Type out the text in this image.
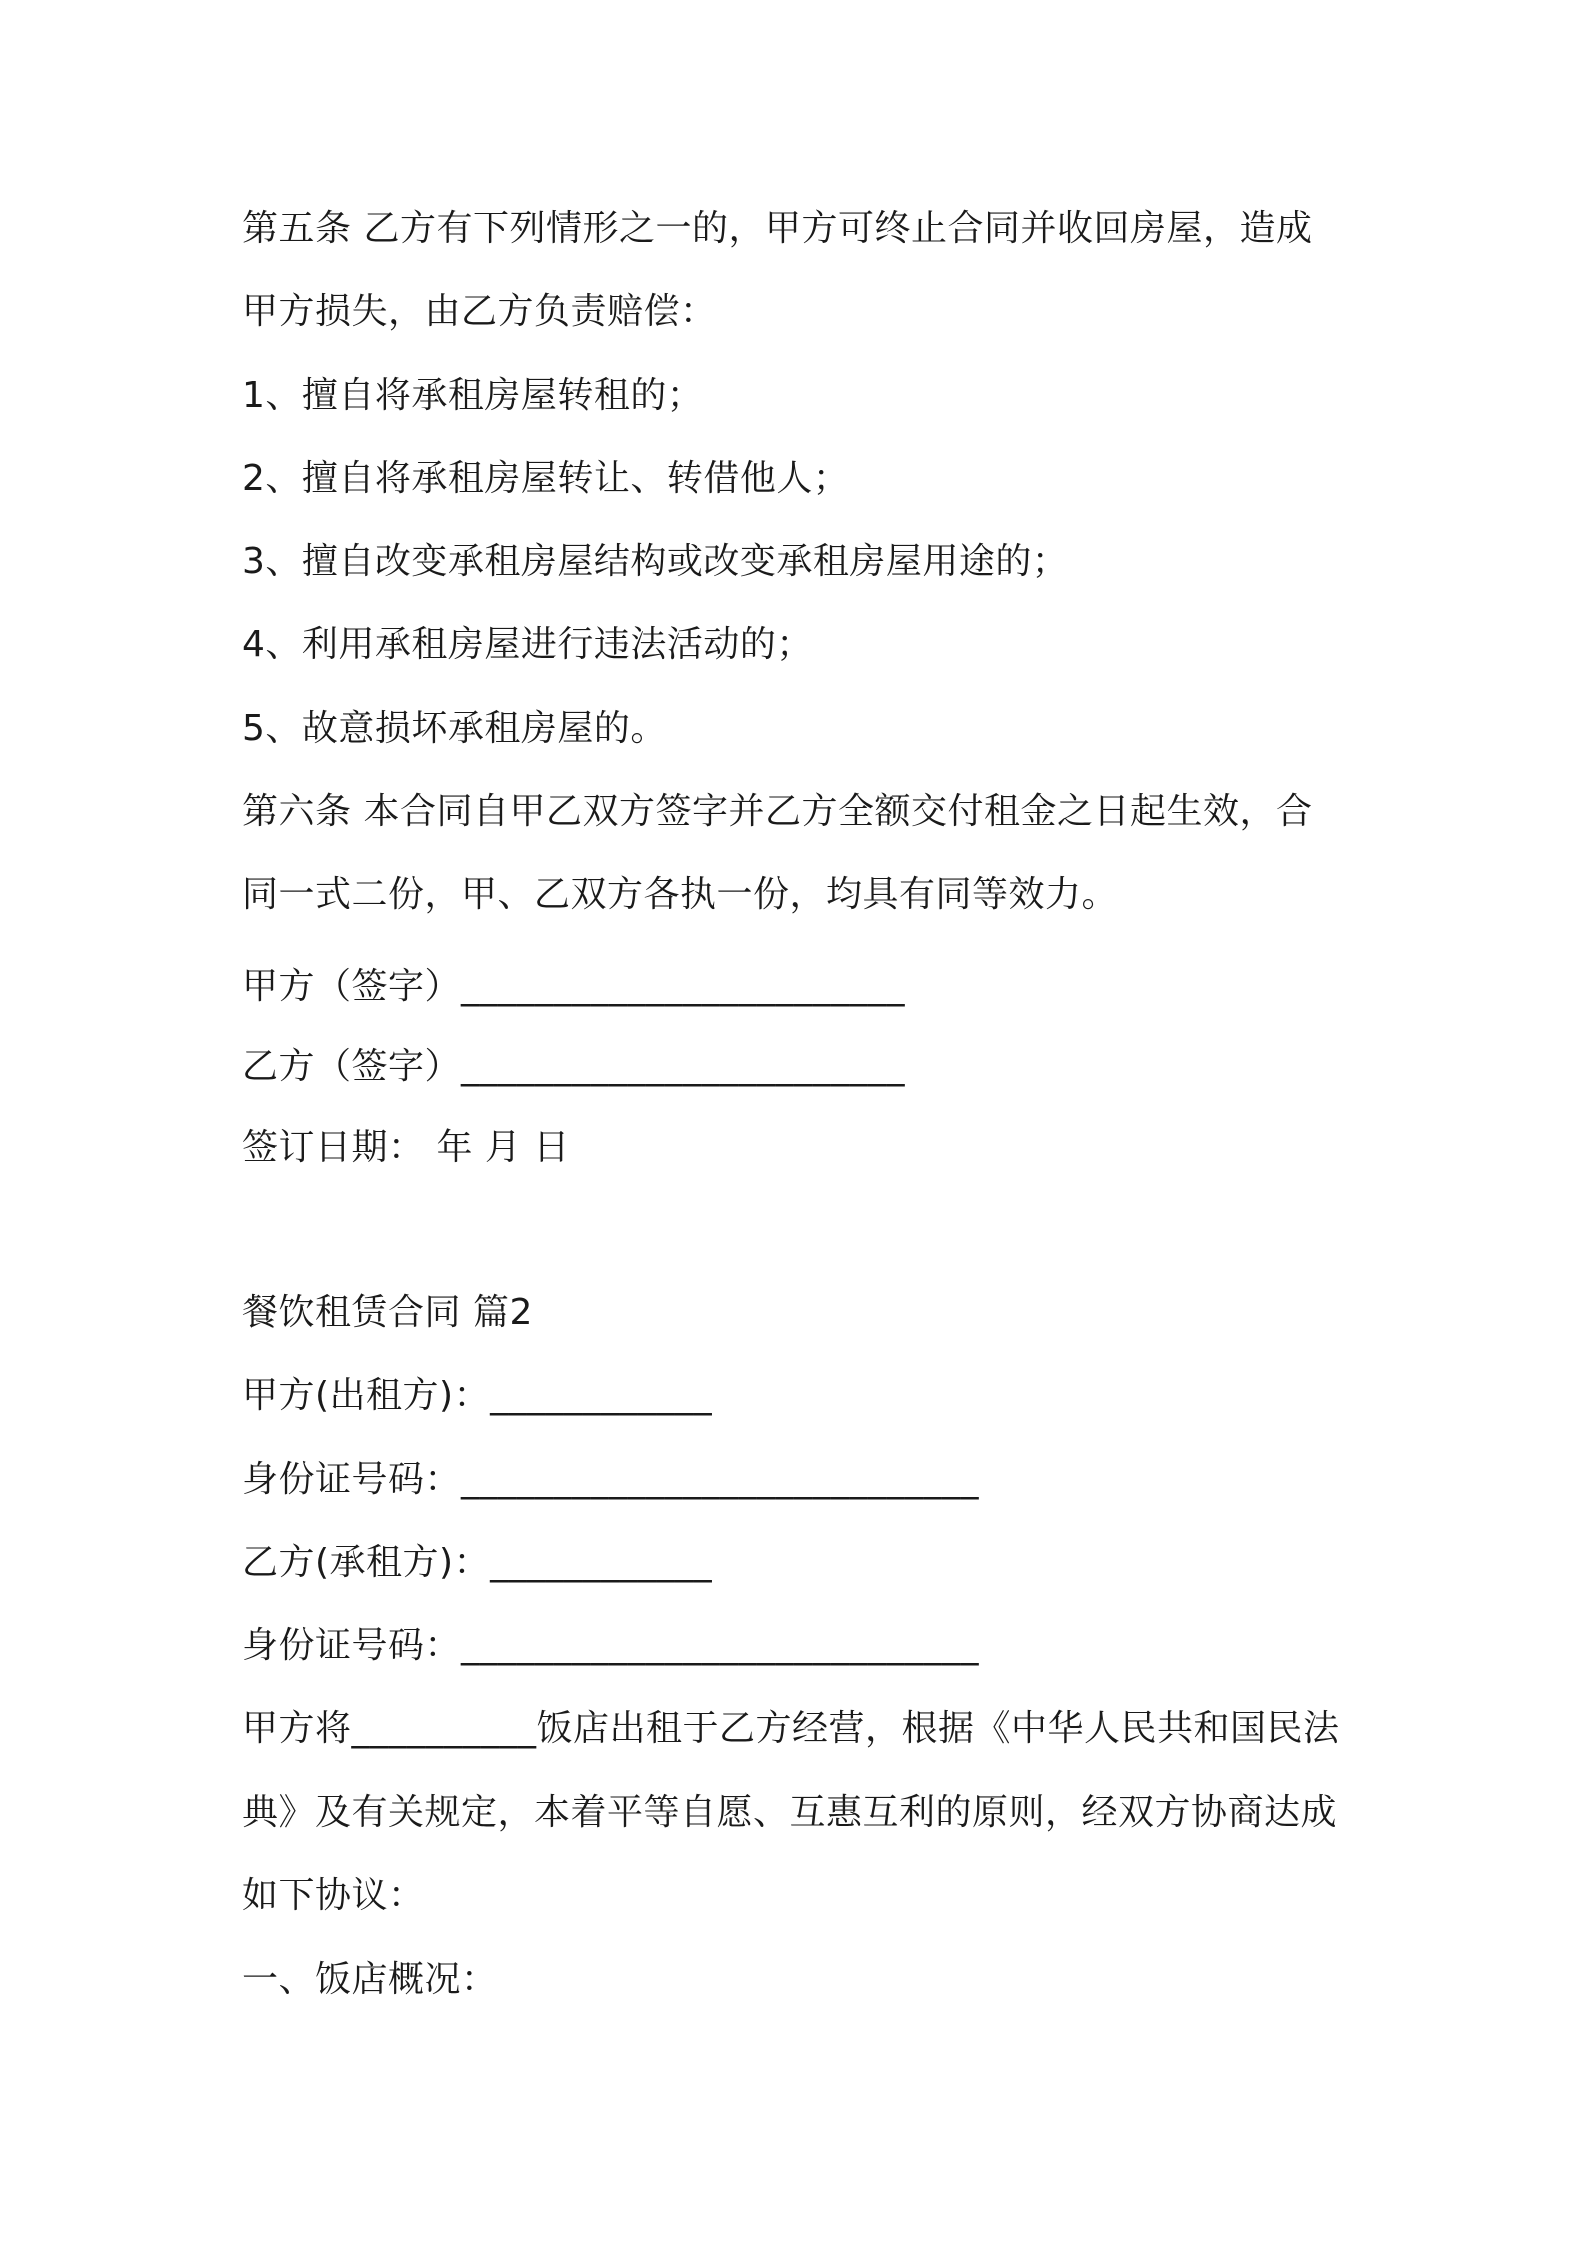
第五条 乙方有下列情形之一的，甲方可终止合同并收回房屋，造成
甲方损失，由乙方负责赔偿：
1、擅自将承租房屋转租的；
2、擅自将承租房屋转让、转借他人；
3、擅自改变承租房屋结构或改变承租房屋用途的；
4、利用承租房屋进行违法活动的；
5、故意损坏承租房屋的。
第六条 本合同自甲乙双方签字并乙方全额交付租金之日起生效，合
同一式二份，甲、乙双方各执一份，均具有同等效力。
甲方（签字）________________________
乙方（签字）________________________
签订日期： 年 月 日
餐饮租赁合同 篇2
甲方(出租方)：____________
身份证号码：____________________________
乙方(承租方)：____________
身份证号码：____________________________
甲方将__________饭店出租于乙方经营，根据《中华人民共和国民法
典》及有关规定，本着平等自愿、互惠互利的原则，经双方协商达成
如下协议：
一、饭店概况：
